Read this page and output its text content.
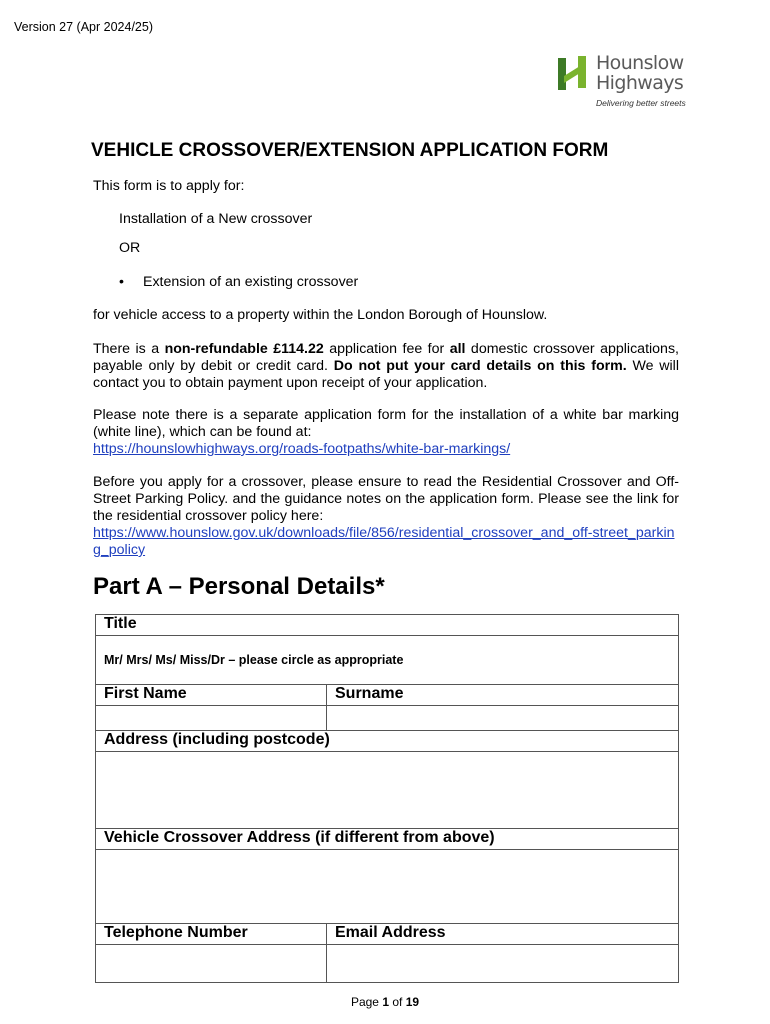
Version 27 (Apr 2024/25)
Hounslow
Highways
Delivering better streets
VEHICLE CROSSOVER/EXTENSION APPLICATION FORM

This form is to apply for:

Installation of a New crossover

OR

• Extension of an existing crossover

for vehicle access to a property within the London Borough of Hounslow.

There is a non-refundable £114.22 application fee for all domestic crossover applications, payable only by debit or credit card. Do not put your card details on this form. We will contact you to obtain payment upon receipt of your application.

Please note there is a separate application form for the installation of a white bar marking (white line), which can be found at:
https://hounslowhighways.org/roads-footpaths/white-bar-markings/

Before you apply for a crossover, please ensure to read the Residential Crossover and Off-Street Parking Policy. and the guidance notes on the application form. Please see the link for the residential crossover policy here:
https://www.hounslow.gov.uk/downloads/file/856/residential_crossover_and_off-street_parking_policy

Part A – Personal Details*
Title	
Mr/ Mrs/ Ms/ Miss/Dr – please circle as appropriate	
First Name	Surname

Address (including postcode)	

Vehicle Crossover Address (if different from above)	

Telephone Number	Email Address

Page 1 of 19
